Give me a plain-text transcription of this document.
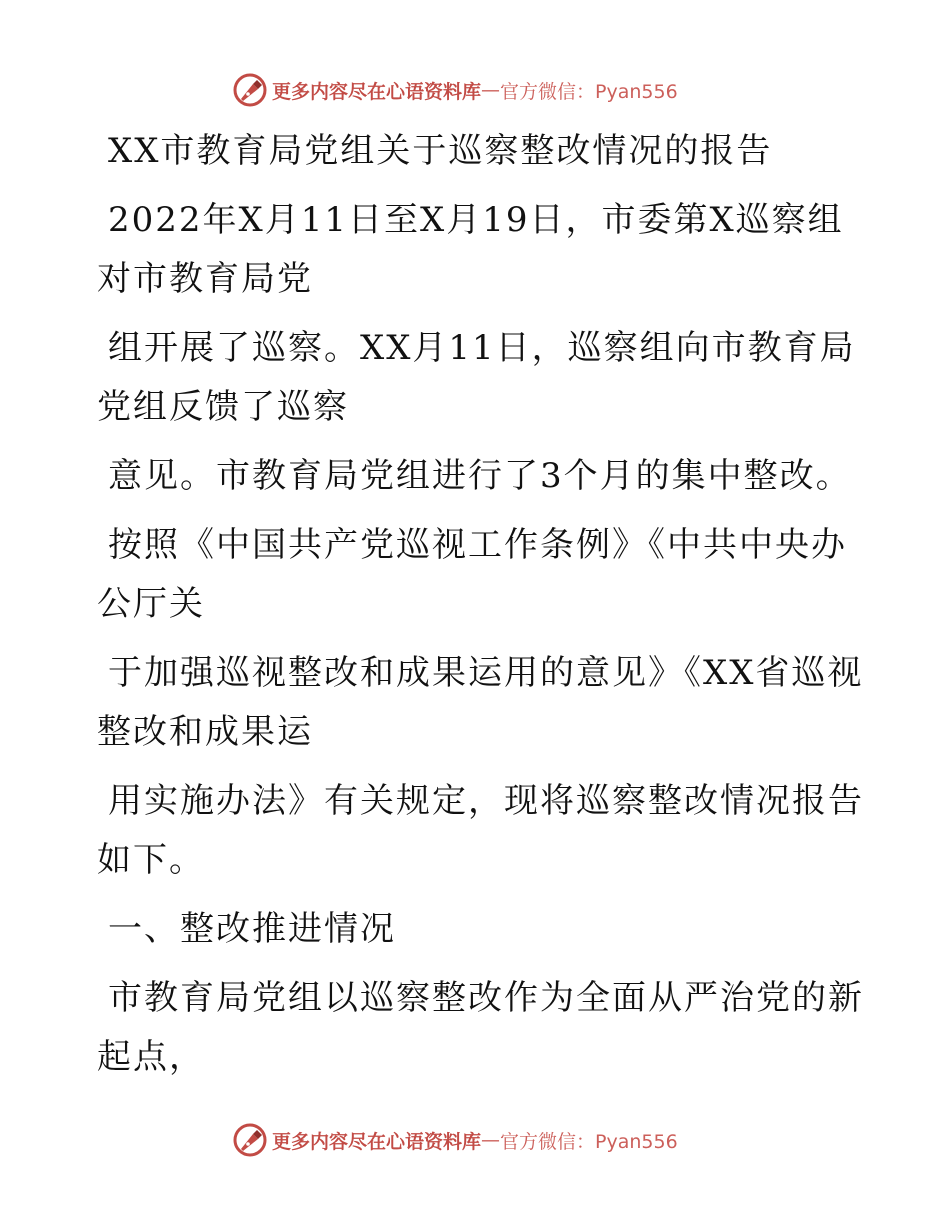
更多内容尽在心语资料库 — 官方微信：Pyan556

XX市教育局党组关于巡察整改情况的报告

2022年X月11日至X月19日，市委第X巡察组对市教育局党

组开展了巡察。XX月11日，巡察组向市教育局党组反馈了巡察

意见。市教育局党组进行了3个月的集中整改。

按照《中国共产党巡视工作条例》《中共中央办公厅关

于加强巡视整改和成果运用的意见》《XX省巡视整改和成果运

用实施办法》有关规定，现将巡察整改情况报告如下。

一、整改推进情况

市教育局党组以巡察整改作为全面从严治党的新起点，

更多内容尽在心语资料库 — 官方微信：Pyan556
